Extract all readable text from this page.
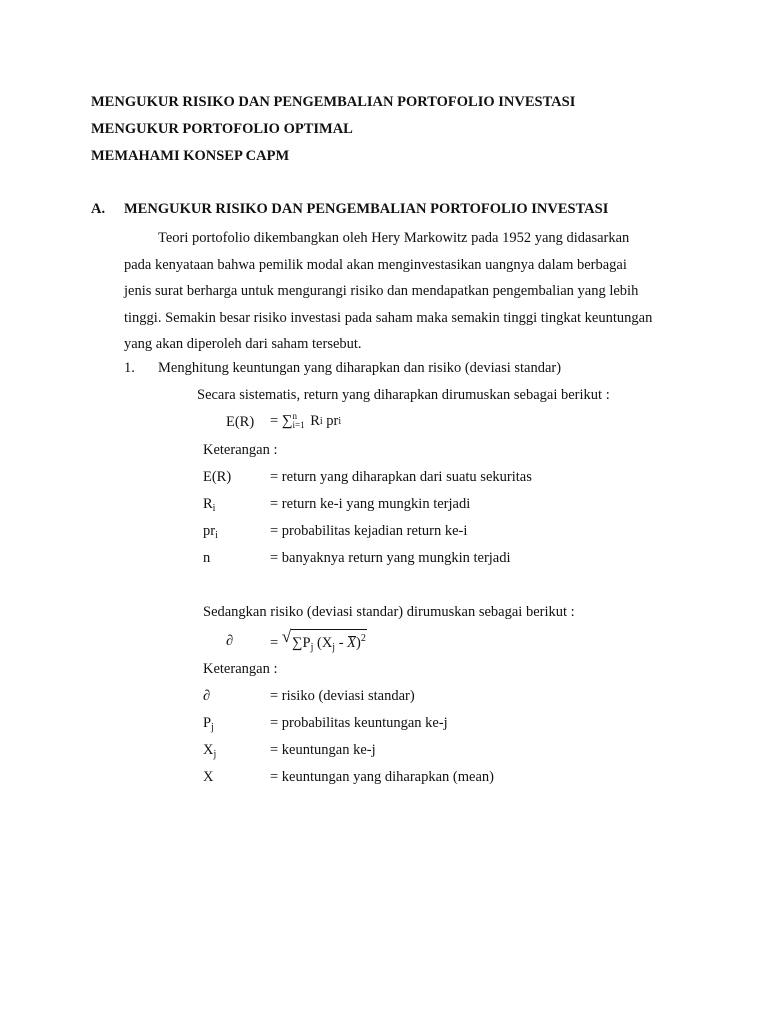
MENGUKUR RISIKO DAN PENGEMBALIAN PORTOFOLIO INVESTASI
MENGUKUR PORTOFOLIO OPTIMAL
MEMAHAMI KONSEP CAPM
A. MENGUKUR RISIKO DAN PENGEMBALIAN PORTOFOLIO INVESTASI
Teori portofolio dikembangkan oleh Hery Markowitz pada 1952 yang didasarkan
pada kenyataan bahwa pemilik modal akan menginvestasikan uangnya dalam berbagai
jenis surat berharga untuk mengurangi risiko dan mendapatkan pengembalian yang lebih
tinggi. Semakin besar risiko investasi pada saham maka semakin tinggi tingkat keuntungan
yang akan diperoleh dari saham tersebut.
1. Menghitung keuntungan yang diharapkan dan risiko (deviasi standar)
Secara sistematis, return yang diharapkan dirumuskan sebagai berikut :
E(R) =
∑ n
i=1
R i
pr i
Keterangan :
E(R)	= return yang diharapkan dari suatu sekuritas
$R_i$	= return ke-i yang mungkin terjadi
$pr_i$	= probabilitas kejadian return ke-i
n	= banyaknya return yang mungkin terjadi
Sedangkan risiko (deviasi standar) dirumuskan sebagai berikut :
∂	=
√ $\sum P_j$ $(X_j - X)^2$
Keterangan :
∂	= risiko (deviasi standar)
$P_j$	= probabilitas keuntungan ke-j
$X_j$	= keuntungan ke-j
X	= keuntungan yang diharapkan (mean)
